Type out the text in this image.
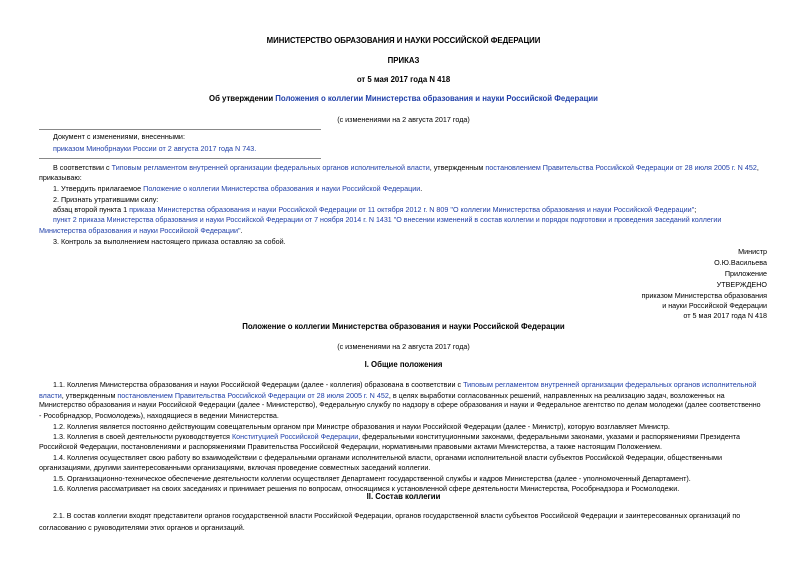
МИНИСТЕРСТВО ОБРАЗОВАНИЯ И НАУКИ РОССИЙСКОЙ ФЕДЕРАЦИИ
ПРИКАЗ
от 5 мая 2017 года N 418
Об утверждении Положения о коллегии Министерства образования и науки Российской Федерации
(с изменениями на 2 августа 2017 года)
Документ с изменениями, внесенными:
приказом Минобрнауки России от 2 августа 2017 года N 743.
В соответствии с Типовым регламентом внутренней организации федеральных органов исполнительной власти, утвержденным постановлением Правительства Российской Федерации от 28 июля 2005 г. N 452,
приказываю:
1. Утвердить прилагаемое Положение о коллегии Министерства образования и науки Российской Федерации.
2. Признать утратившими силу:
абзац второй пункта 1 приказа Министерства образования и науки Российской Федерации от 11 октября 2012 г. N 809 "О коллегии Министерства образования и науки Российской Федерации";
пункт 2 приказа Министерства образования и науки Российской Федерации от 7 ноября 2014 г. N 1431 "О внесении изменений в состав коллегии и порядок подготовки и проведения заседаний коллегии
Министерства образования и науки Российской Федерации".
3. Контроль за выполнением настоящего приказа оставляю за собой.
Министр
О.Ю.Васильева
Приложение
УТВЕРЖДЕНО
приказом Министерства образования
и науки Российской Федерации
от 5 мая 2017 года N 418
Положение о коллегии Министерства образования и науки Российской Федерации
(с изменениями на 2 августа 2017 года)
I. Общие положения
1.1. Коллегия Министерства образования и науки Российской Федерации (далее - коллегия) образована в соответствии с Типовым регламентом внутренней организации федеральных органов исполнительной
власти, утвержденным постановлением Правительства Российской Федерации от 28 июля 2005 г. N 452, в целях выработки согласованных решений, направленных на реализацию задач, возложенных на
Министерство образования и науки Российской Федерации (далее - Министерство), Федеральную службу по надзору в сфере образования и науки и Федеральное агентство по делам молодежи (далее соответственно
- Рособрнадзор, Росмолодежь), находящиеся в ведении Министерства.
1.2. Коллегия является постоянно действующим совещательным органом при Министре образования и науки Российской Федерации (далее - Министр), которую возглавляет Министр.
1.3. Коллегия в своей деятельности руководствуется Конституцией Российской Федерации, федеральными конституционными законами, федеральными законами, указами и распоряжениями Президента
Российской Федерации, постановлениями и распоряжениями Правительства Российской Федерации, нормативными правовыми актами Министерства, а также настоящим Положением.
1.4. Коллегия осуществляет свою работу во взаимодействии с федеральными органами исполнительной власти, органами исполнительной власти субъектов Российской Федерации, общественными
организациями, другими заинтересованными организациями, включая проведение совместных заседаний коллегии.
1.5. Организационно-техническое обеспечение деятельности коллегии осуществляет Департамент государственной службы и кадров Министерства (далее - уполномоченный Департамент).
1.6. Коллегия рассматривает на своих заседаниях и принимает решения по вопросам, относящимся к установленной сфере деятельности Министерства, Рособрнадзора и Росмолодежи.
II. Состав коллегии
2.1. В состав коллегии входят представители органов государственной власти Российской Федерации, органов государственной власти субъектов Российской Федерации и заинтересованных организаций по
согласованию с руководителями этих органов и организаций.
